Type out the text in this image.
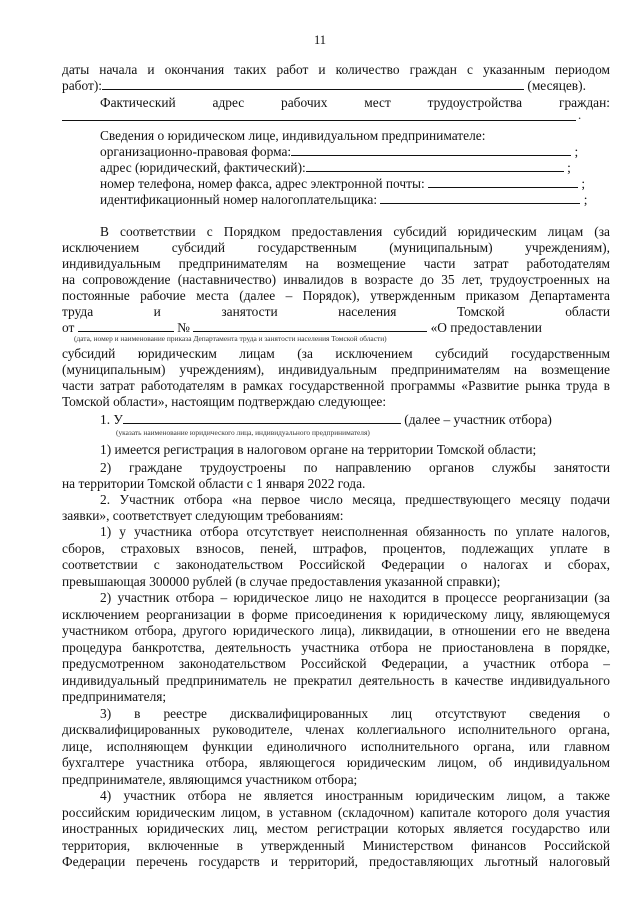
11
даты начала и окончания таких работ и количество граждан с указанным периодом
работ):	(месяцев).
Фактический адрес рабочих мест трудоустройства граждан:
.
Сведения о юридическом лице, индивидуальном предпринимателе:
организационно-правовая форма:	;
адрес (юридический, фактический):	;
номер телефона, номер факса, адрес электронной почты:	;
идентификационный номер налогоплательщика:	;
В соответствии с Порядком предоставления субсидий юридическим лицам (за
исключением субсидий государственным (муниципальным) учреждениям),
индивидуальным предпринимателям на возмещение части затрат работодателям
на сопровождение (наставничество) инвалидов в возрасте до 35 лет, трудоустроенных на
постоянные рабочие места (далее – Порядок), утвержденным приказом Департамента
труда и занятости населения Томской области
от	№	«О предоставлении
(дата, номер и наименование приказа Департамента труда и занятости населения Томской области)
субсидий юридическим лицам (за исключением субсидий государственным
(муниципальным) учреждениям), индивидуальным предпринимателям на возмещение
части затрат работодателям в рамках государственной программы «Развитие рынка труда в
Томской области», настоящим подтверждаю следующее:
1. У	(далее – участник отбора)
(указать наименование юридического лица, индивидуального предпринимателя)
1) имеется регистрация в налоговом органе на территории Томской области;
2) граждане трудоустроены по направлению органов службы занятости
на территории Томской области с 1 января 2022 года.
2. Участник отбора «на первое число месяца, предшествующего месяцу подачи
заявки», соответствует следующим требованиям:
1) у участника отбора отсутствует неисполненная обязанность по уплате налогов,
сборов, страховых взносов, пеней, штрафов, процентов, подлежащих уплате в
соответствии с законодательством Российской Федерации о налогах и сборах,
превышающая 300000 рублей (в случае предоставления указанной справки);
2) участник отбора – юридическое лицо не находится в процессе реорганизации (за
исключением реорганизации в форме присоединения к юридическому лицу, являющемуся
участником отбора, другого юридического лица), ликвидации, в отношении его не введена
процедура банкротства, деятельность участника отбора не приостановлена в порядке,
предусмотренном законодательством Российской Федерации, а участник отбора –
индивидуальный предприниматель не прекратил деятельность в качестве индивидуального
предпринимателя;
3) в реестре дисквалифицированных лиц отсутствуют сведения о
дисквалифицированных руководителе, членах коллегиального исполнительного органа,
лице, исполняющем функции единоличного исполнительного органа, или главном
бухгалтере участника отбора, являющегося юридическим лицом, об индивидуальном
предпринимателе, являющимся участником отбора;
4) участник отбора не является иностранным юридическим лицом, а также
российским юридическим лицом, в уставном (складочном) капитале которого доля участия
иностранных юридических лиц, местом регистрации которых является государство или
территория, включенные в утвержденный Министерством финансов Российской
Федерации перечень государств и территорий, предоставляющих льготный налоговый
